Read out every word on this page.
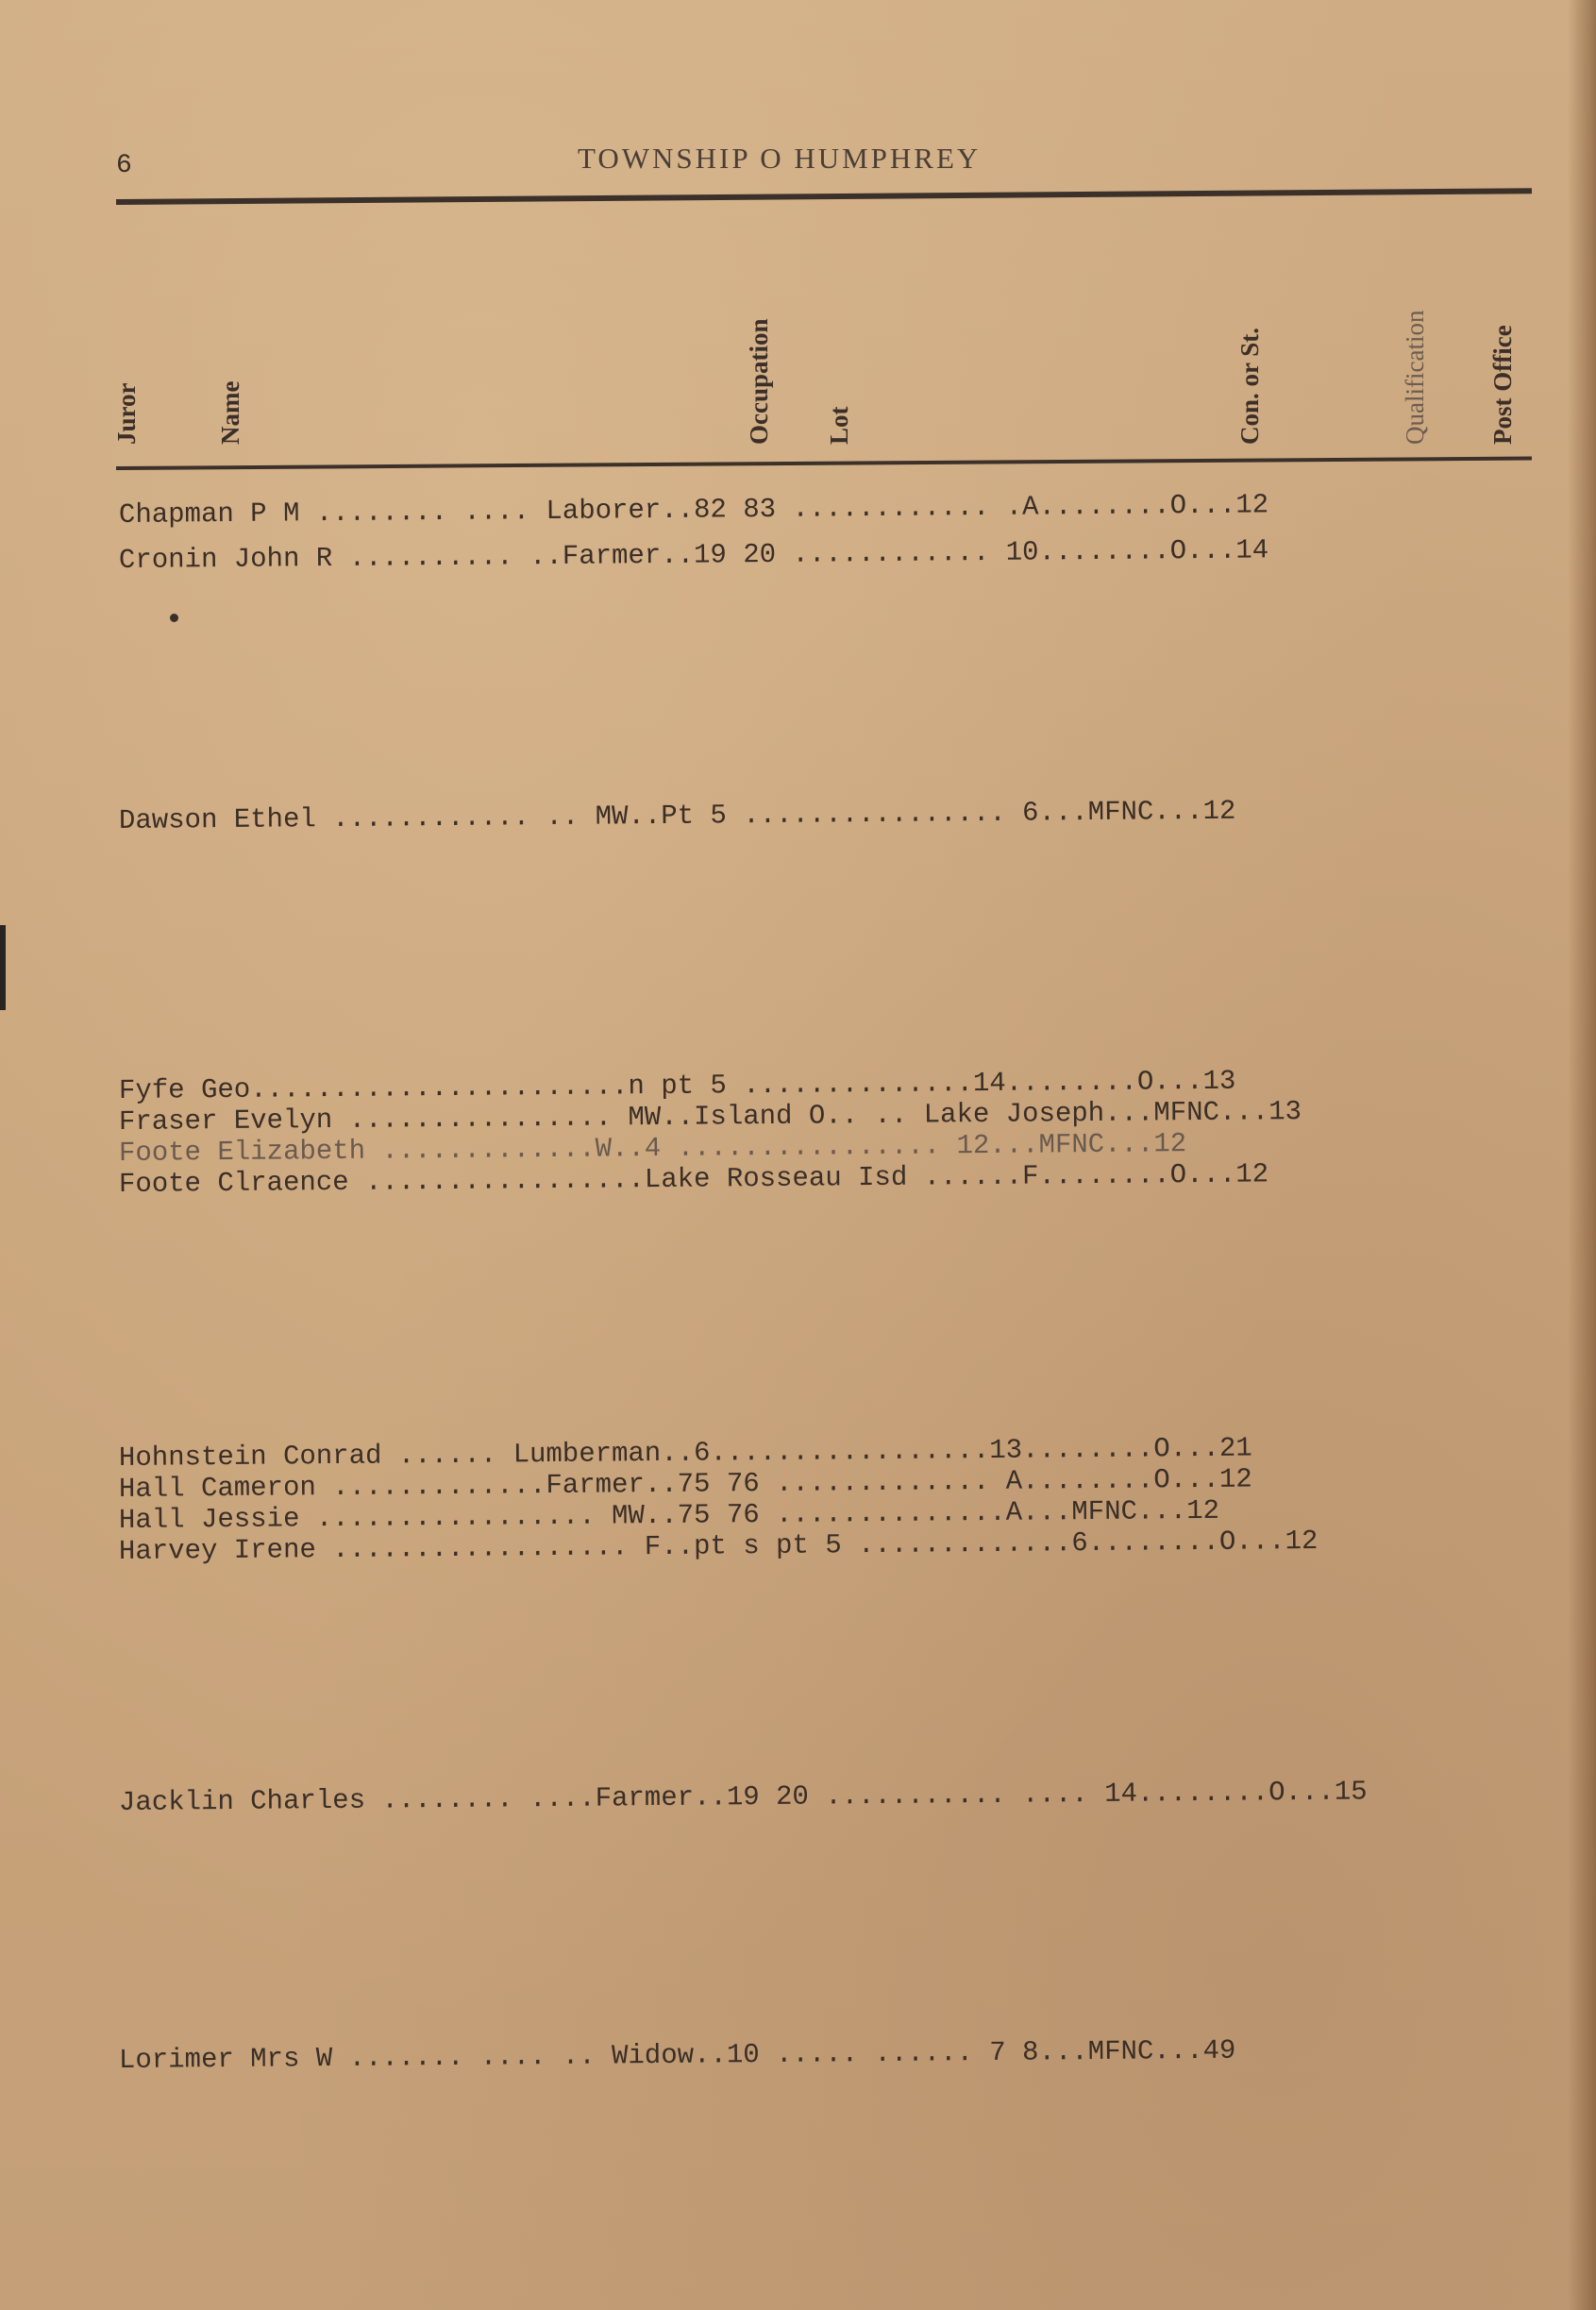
6	TOWNSHIP O HUMPHREY
Juror	Name	Occupation Lot	Con. or St.	Qualification Post Office
Chapman P M ........ .... Laborer..82 83 ............ .A........O...12
Cronin John R .......... ..Farmer..19 20 ............ 10........O...14
Dawson Ethel ............ .. MW..Pt 5 ................ 6...MFNC...12
Fyfe Geo.......................n pt 5 ..............14........O...13
Fraser Evelyn ................ MW..Island O.. .. Lake Joseph...MFNC...13
Foote Elizabeth .............W..4 ................ 12...MFNC...12
Foote Clraence .................Lake Rosseau Isd ......F........O...12
Hohnstein Conrad ...... Lumberman..6.................13........O...21
Hall Cameron .............Farmer..75 76 ............. A........O...12
Hall Jessie ................. MW..75 76 ..............A...MFNC...12
Harvey Irene .................. F..pt s pt 5 .............6........O...12
Jacklin Charles ........ ....Farmer..19 20 ........... .... 14........O...15
Lorimer Mrs W ....... .... .. Widow..10 ..... ...... 7 8...MFNC...49
